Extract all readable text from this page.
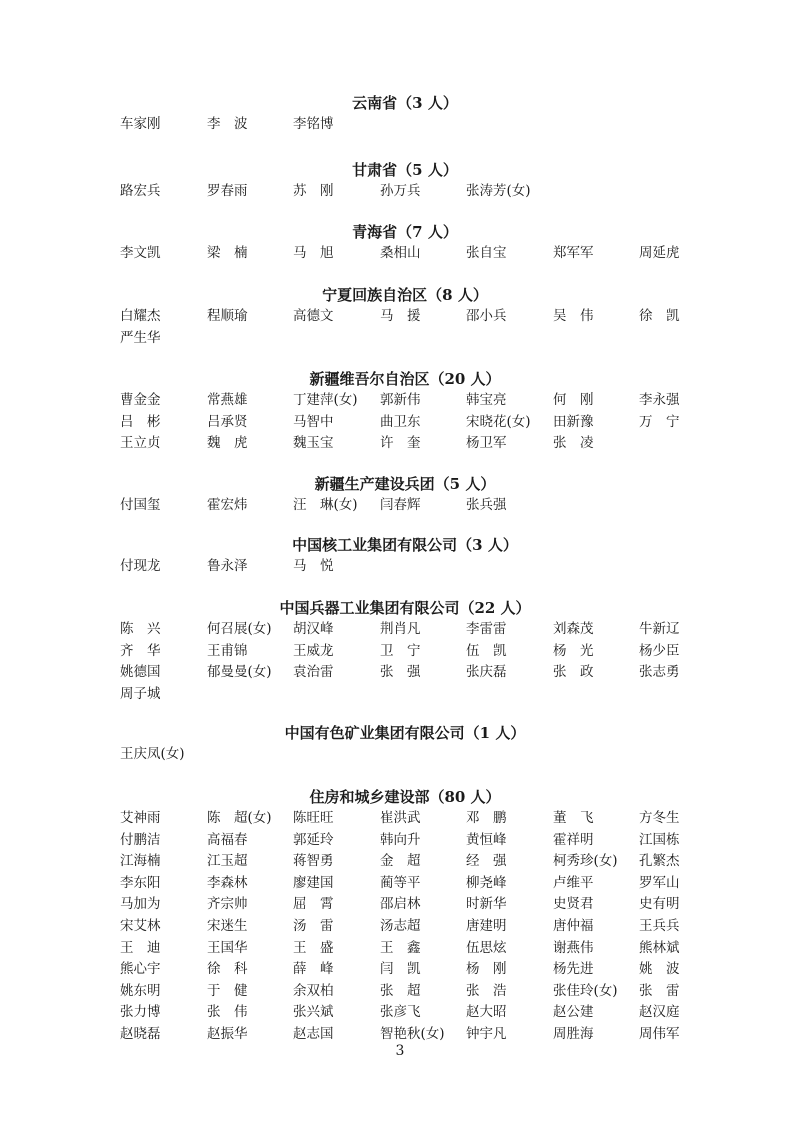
云南省（3 人）
车家刚	李　波	李铭博
甘肃省（5 人）
路宏兵	罗春雨	苏　刚	孙万兵	张涛芳(女)
青海省（7 人）
李文凯	梁　楠	马　旭	桑相山	张自宝	郑军军	周延虎
宁夏回族自治区（8 人）
白耀杰	程顺瑜	高德文	马　援	邵小兵	吴　伟	徐　凯
严生华
新疆维吾尔自治区（20 人）
曹金金	常燕雄	丁建萍(女) 郭新伟	韩宝亮	何　刚	李永强
吕　彬	吕承贤	马智中	曲卫东	宋晓花(女) 田新豫	万　宁
王立贞	魏　虎	魏玉宝	许　奎	杨卫军	张　凌
新疆生产建设兵团（5 人）
付国玺	霍宏炜	汪　琳(女) 闫春辉	张兵强
中国核工业集团有限公司（3 人）
付现龙	鲁永泽	马　悦
中国兵器工业集团有限公司（22 人）
陈　兴	何召展(女) 胡汉峰	荆肖凡	李雷雷	刘森茂	牛新辽
齐　华	王甫锦	王威龙	卫　宁	伍　凯	杨　光	杨少臣
姚德国	郁曼曼(女) 袁治雷	张　强	张庆磊	张　政	张志勇
周子城
中国有色矿业集团有限公司（1 人）
王庆凤(女)
住房和城乡建设部（80 人）
艾神雨	陈　超(女) 陈旺旺	崔洪武	邓　鹏	董　飞	方冬生
付鹏洁	高福春	郭延玲	韩向升	黄恒峰	霍祥明	江国栋
江海楠	江玉超	蒋智勇	金　超	经　强	柯秀珍(女) 孔繁杰
李东阳	李森林	廖建国	蔺等平	柳尧峰	卢维平	罗军山
马加为	齐宗帅	屈　霄	邵启林	时新华	史贤君	史有明
宋艾林	宋迷生	汤　雷	汤志超	唐建明	唐仲福	王兵兵
王　迪	王国华	王　盛	王　鑫	伍思炫	谢燕伟	熊林斌
熊心宇	徐　科	薛　峰	闫　凯	杨　刚	杨先进	姚　波
姚东明	于　健	余双柏	张　超	张　浩	张佳玲(女) 张　雷
张力博	张　伟	张兴斌	张彦飞	赵大昭	赵公建	赵汉庭
赵晓磊	赵振华	赵志国	智艳秋(女) 钟宇凡	周胜海	周伟军
3
